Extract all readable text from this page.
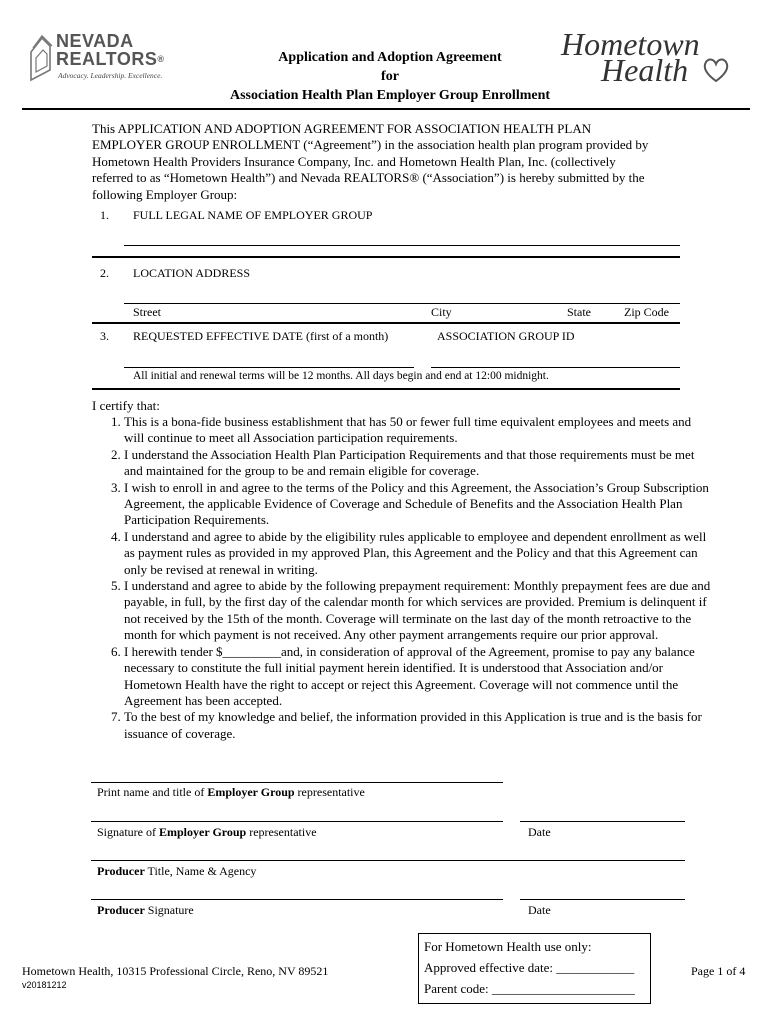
NEVADA
REALTORS®
Advocacy. Leadership. Excellence.
Application and Adoption Agreement
for
Association Health Plan Employer Group Enrollment
Hometown
Health
This APPLICATION AND ADOPTION AGREEMENT FOR ASSOCIATION HEALTH PLAN EMPLOYER GROUP ENROLLMENT (“Agreement”) in the association health plan program provided by Hometown Health Providers Insurance Company, Inc. and Hometown Health Plan, Inc. (collectively referred to as “Hometown Health”) and Nevada REALTORS® (“Association”) is hereby submitted by the following Employer Group:
1. FULL LEGAL NAME OF EMPLOYER GROUP
2. LOCATION ADDRESS
Street	City	State	Zip Code
3. REQUESTED EFFECTIVE DATE (first of a month)	ASSOCIATION GROUP ID
All initial and renewal terms will be 12 months. All days begin and end at 12:00 midnight.
I certify that:
1. This is a bona-fide business establishment that has 50 or fewer full time equivalent employees and meets and will continue to meet all Association participation requirements.
2. I understand the Association Health Plan Participation Requirements and that those requirements must be met and maintained for the group to be and remain eligible for coverage.
3. I wish to enroll in and agree to the terms of the Policy and this Agreement, the Association’s Group Subscription Agreement, the applicable Evidence of Coverage and Schedule of Benefits and the Association Health Plan Participation Requirements.
4. I understand and agree to abide by the eligibility rules applicable to employee and dependent enrollment as well as payment rules as provided in my approved Plan, this Agreement and the Policy and that this Agreement can only be revised at renewal in writing.
5. I understand and agree to abide by the following prepayment requirement: Monthly prepayment fees are due and payable, in full, by the first day of the calendar month for which services are provided. Premium is delinquent if not received by the 15th of the month. Coverage will terminate on the last day of the month retroactive to the month for which payment is not received. Any other payment arrangements require our prior approval.
6. I herewith tender $_________and, in consideration of approval of the Agreement, promise to pay any balance necessary to constitute the full initial payment herein identified. It is understood that Association and/or Hometown Health have the right to accept or reject this Agreement. Coverage will not commence until the Agreement has been accepted.
7. To the best of my knowledge and belief, the information provided in this Application is true and is the basis for issuance of coverage.
Print name and title of Employer Group representative
Signature of Employer Group representative	Date
Producer Title, Name & Agency
Producer Signature	Date
For Hometown Health use only:
Approved effective date: ____________
Parent code: ______________________
Hometown Health, 10315 Professional Circle, Reno, NV 89521
v20181212
Page 1 of 4
